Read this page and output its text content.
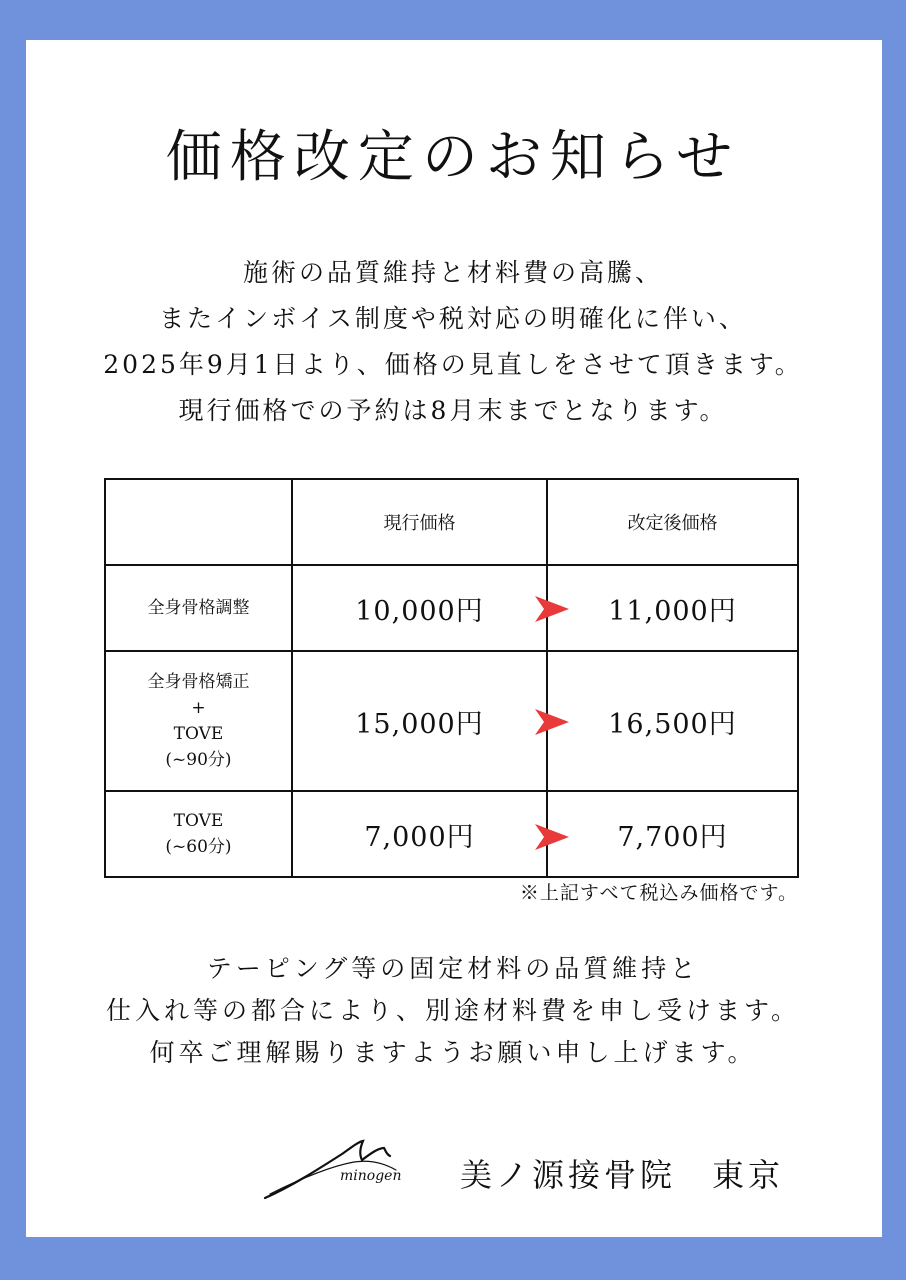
価格改定のお知らせ
施術の品質維持と材料費の高騰、
またインボイス制度や税対応の明確化に伴い、
2025年9月1日より、価格の見直しをさせて頂きます。
現行価格での予約は8月末までとなります。
	現行価格	改定後価格

全身骨格調整	10,000円	11,000円

全身骨格矯正
+
TOVE
(~90分)	15,000円	16,500円

TOVE
(~60分)	7,000円	7,700円
※上記すべて税込み価格です。
テーピング等の固定材料の品質維持と
仕入れ等の都合により、別途材料費を申し受けます。
何卒ご理解賜りますようお願い申し上げます。
minogen 美ノ源接骨院　東京
